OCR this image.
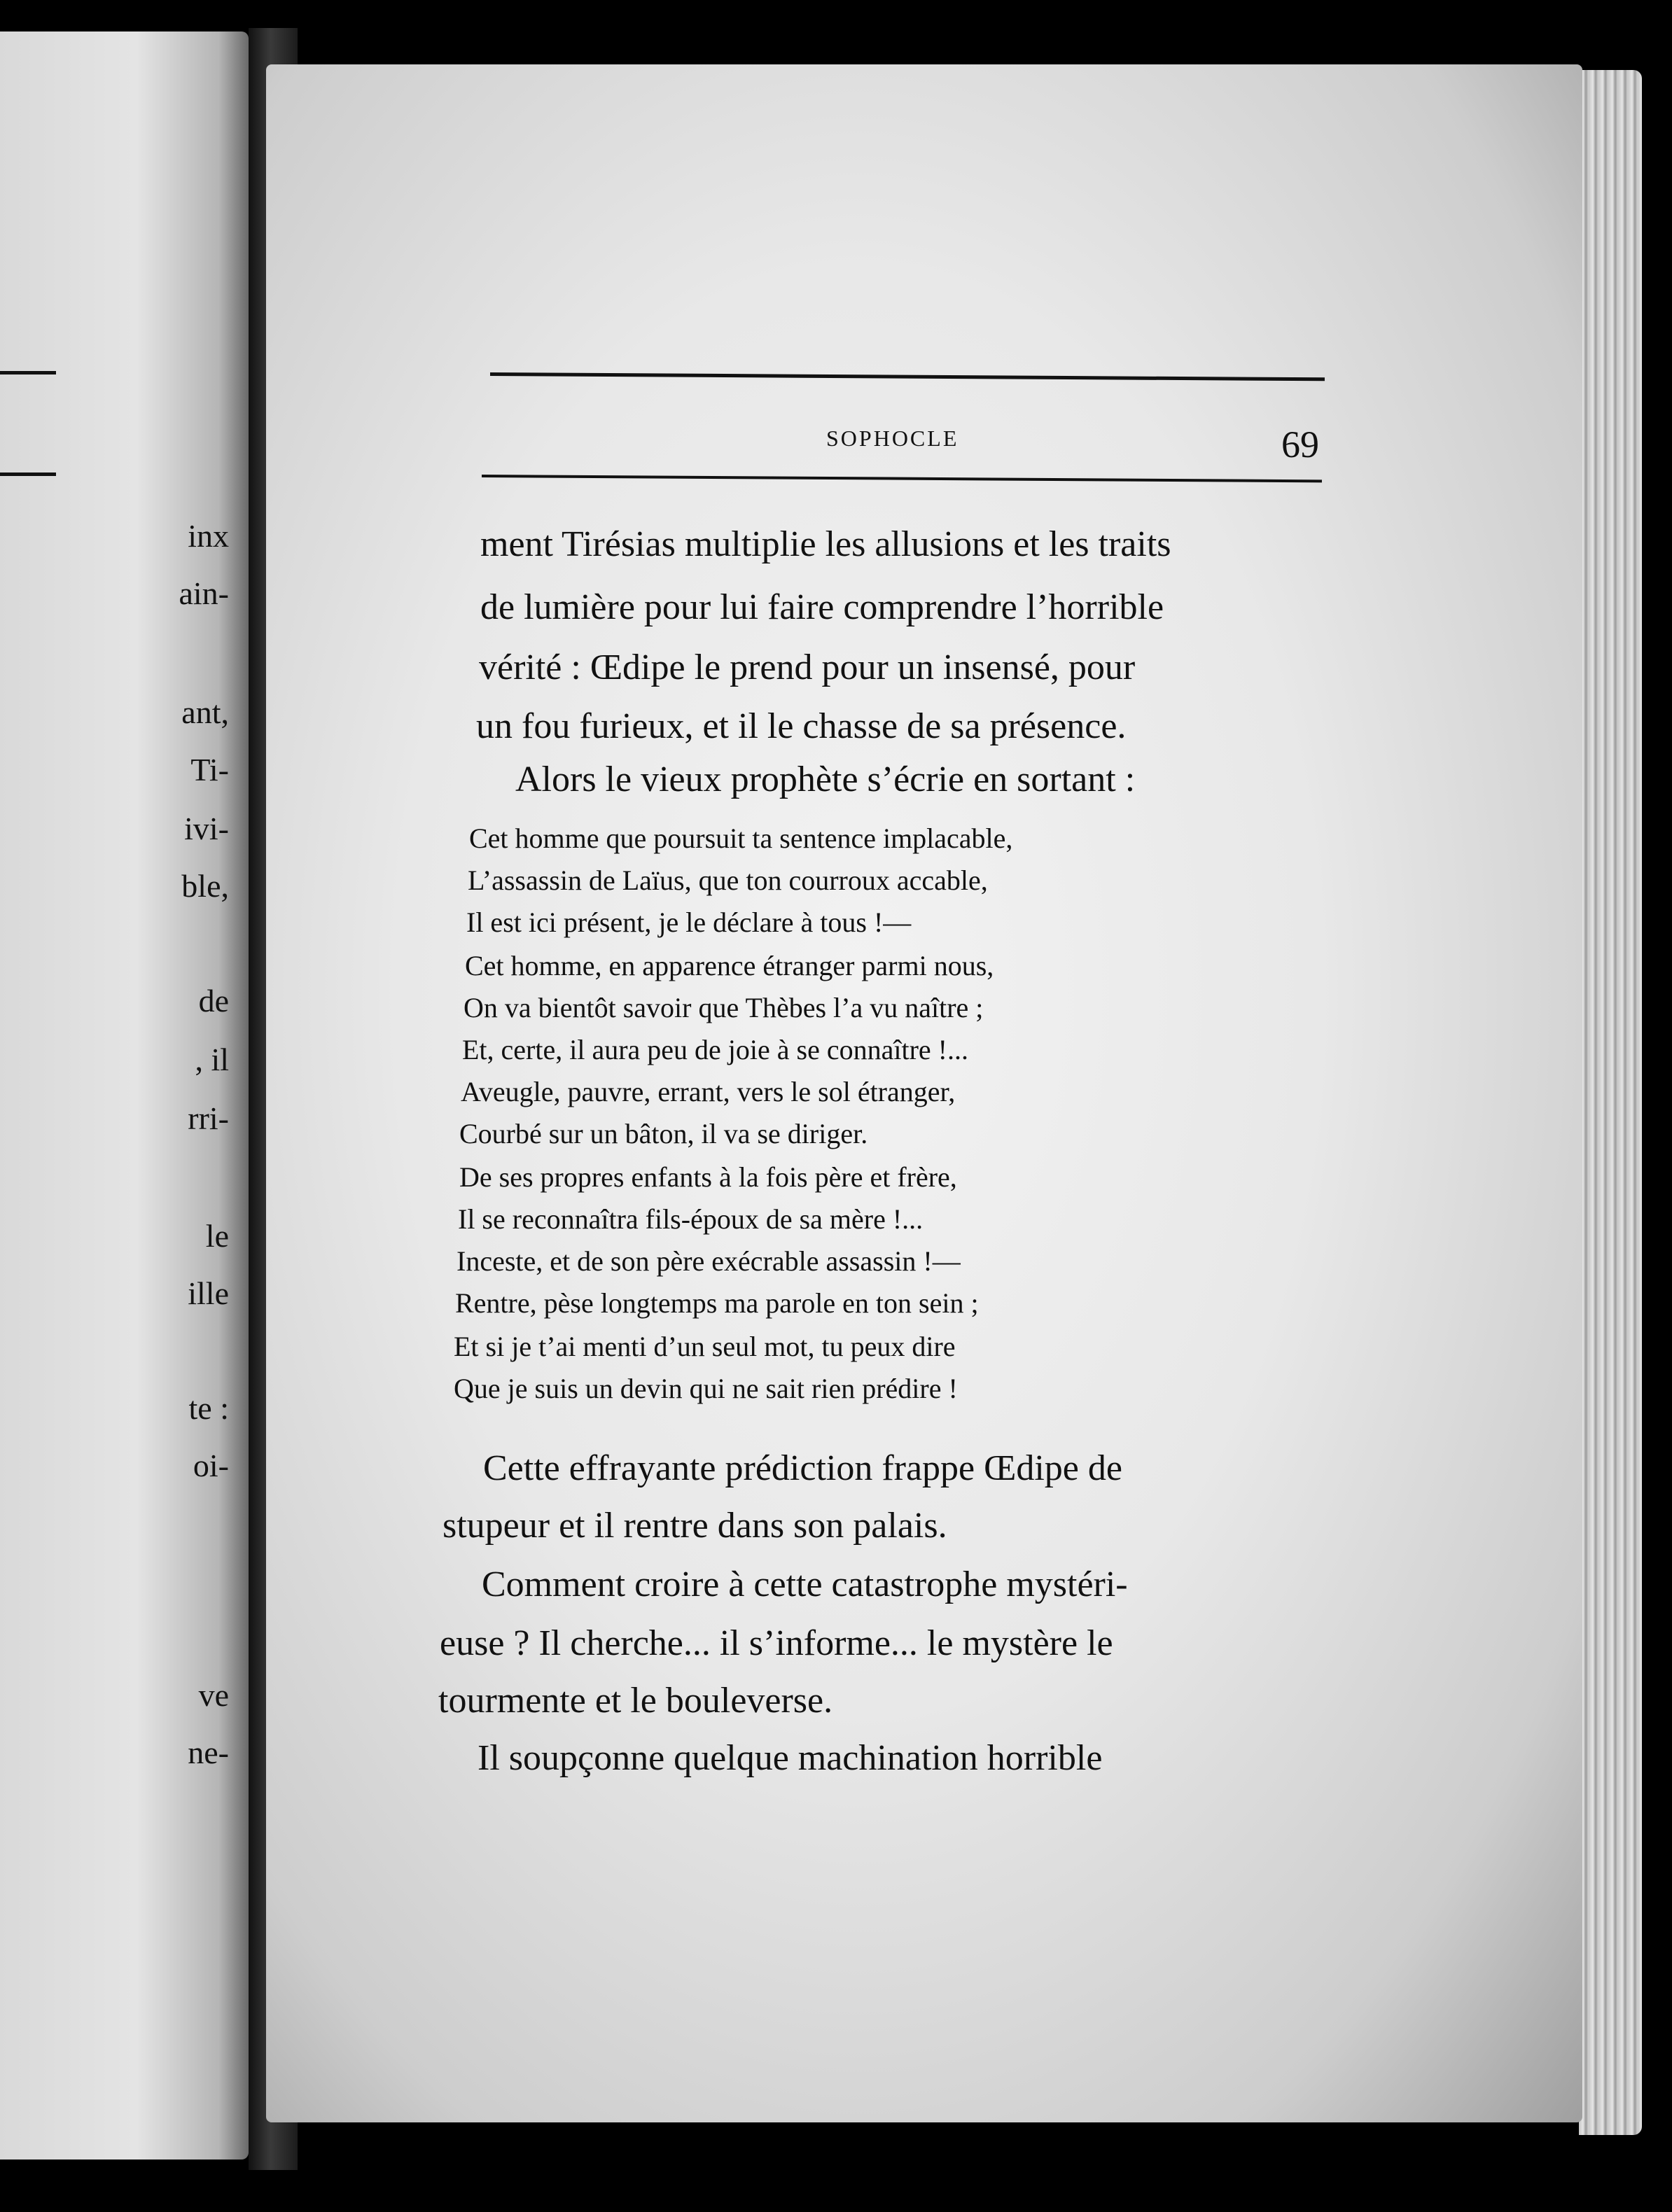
inx
ain-
ant,
Ti-
ivi-
ble,
de
, il
rri-
le
ille
te :
oi-
ve
ne-
SOPHOCLE	69
ment Tirésias multiplie les allusions et les traits
de lumière pour lui faire comprendre l’horrible
vérité : Œdipe le prend pour un insensé, pour
un fou furieux, et il le chasse de sa présence.
Alors le vieux prophète s’écrie en sortant :
Cet homme que poursuit ta sentence implacable,
L’assassin de Laïus, que ton courroux accable,
Il est ici présent, je le déclare à tous !—
Cet homme, en apparence étranger parmi nous,
On va bientôt savoir que Thèbes l’a vu naître ;
Et, certe, il aura peu de joie à se connaître !...
Aveugle, pauvre, errant, vers le sol étranger,
Courbé sur un bâton, il va se diriger.
De ses propres enfants à la fois père et frère,
Il se reconnaîtra fils-époux de sa mère !...
Inceste, et de son père exécrable assassin !—
Rentre, pèse longtemps ma parole en ton sein ;
Et si je t’ai menti d’un seul mot, tu peux dire
Que je suis un devin qui ne sait rien prédire !
Cette effrayante prédiction frappe Œdipe de
stupeur et il rentre dans son palais.
Comment croire à cette catastrophe mystéri-
euse ? Il cherche... il s’informe... le mystère le
tourmente et le bouleverse.
Il soupçonne quelque machination horrible
